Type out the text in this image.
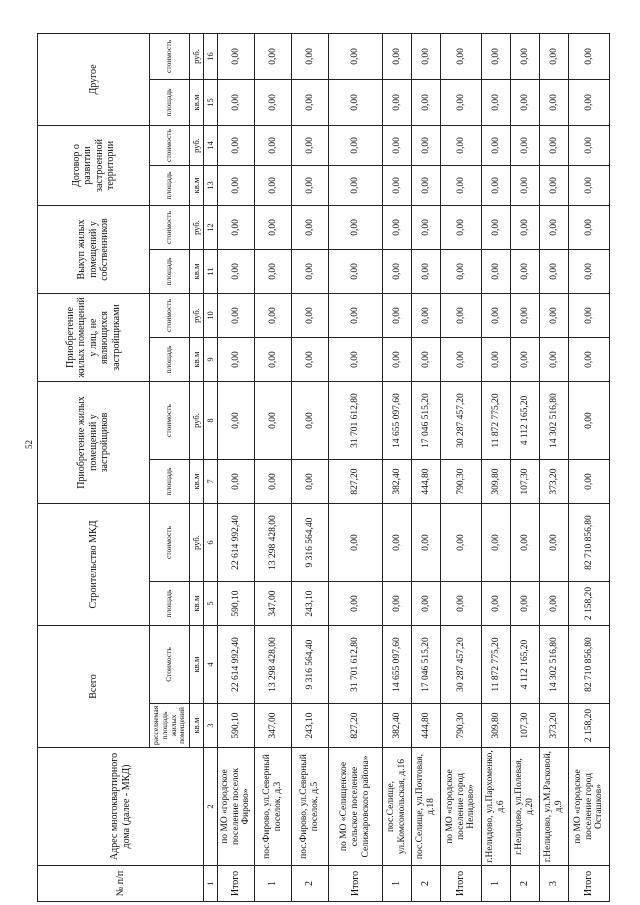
52
№ п/п	Адрес многоквартирного дома (далее - МКД)	Всего		Строительство МКД		Приобретение жилых помещений у застройщиков		Приобретение жилых помещений у лиц, не являющихся застройщиками		Выкуп жилых помещений у собственников		Договор о развитии застроенной территории		Другое	
		расселяемая площадь жилых помещений	Стоимость	площадь	стоимость	площадь	стоимость	площадь	стоимость	площадь	стоимость	площадь	стоимость	площадь	стоимость
		кв.м	кв.м	кв.м	руб.	кв.м	руб.	кв.м	руб.	кв.м	руб.	кв.м	руб.	кв.м	руб.
1	2	3	4	5	6	7	8	9	10	11	12	13	14	15	16
Итого	по МО «городское поселение поселок Фирово»	590,10	22 614 992,40	590,10	22 614 992,40	0,00	0,00	0,00	0,00	0,00	0,00	0,00	0,00	0,00	0,00
1	пос.Фирово, ул.Северный поселок, д.3	347,00	13 298 428,00	347,00	13 298 428,00	0,00	0,00	0,00	0,00	0,00	0,00	0,00	0,00	0,00	0,00
2	пос.Фирово, ул.Северный поселок, д.5	243,10	9 316 564,40	243,10	9 316 564,40	0,00	0,00	0,00	0,00	0,00	0,00	0,00	0,00	0,00	0,00
Итого	по МО «Селищенское сельское поселение Селижаровского района»	827,20	31 701 612,80	0,00	0,00	827,20	31 701 612,80	0,00	0,00	0,00	0,00	0,00	0,00	0,00	0,00
1	пос.Селище, ул.Комсомольская, д.16	382,40	14 655 097,60	0,00	0,00	382,40	14 655 097,60	0,00	0,00	0,00	0,00	0,00	0,00	0,00	0,00
2	пос.Селище, ул.Почтовая, д.18	444,80	17 046 515,20	0,00	0,00	444,80	17 046 515,20	0,00	0,00	0,00	0,00	0,00	0,00	0,00	0,00
Итого	по МО «городское поселение город Нелидово»	790,30	30 287 457,20	0,00	0,00	790,30	30 287 457,20	0,00	0,00	0,00	0,00	0,00	0,00	0,00	0,00
1	г.Нелидово, ул.Пархоменко, д.6	309,80	11 872 775,20	0,00	0,00	309,80	11 872 775,20	0,00	0,00	0,00	0,00	0,00	0,00	0,00	0,00
2	г.Нелидово, ул.Полевая, д.20	107,30	4 112 165,20	0,00	0,00	107,30	4 112 165,20	0,00	0,00	0,00	0,00	0,00	0,00	0,00	0,00
3	г.Нелидово, ул.М.Расковой, д.9	373,20	14 302 516,80	0,00	0,00	373,20	14 302 516,80	0,00	0,00	0,00	0,00	0,00	0,00	0,00	0,00
Итого	по МО «городское поселение город Осташков»	2 158,20	82 710 856,80	2 158,20	82 710 856,80	0,00	0,00	0,00	0,00	0,00	0,00	0,00	0,00	0,00	0,00
